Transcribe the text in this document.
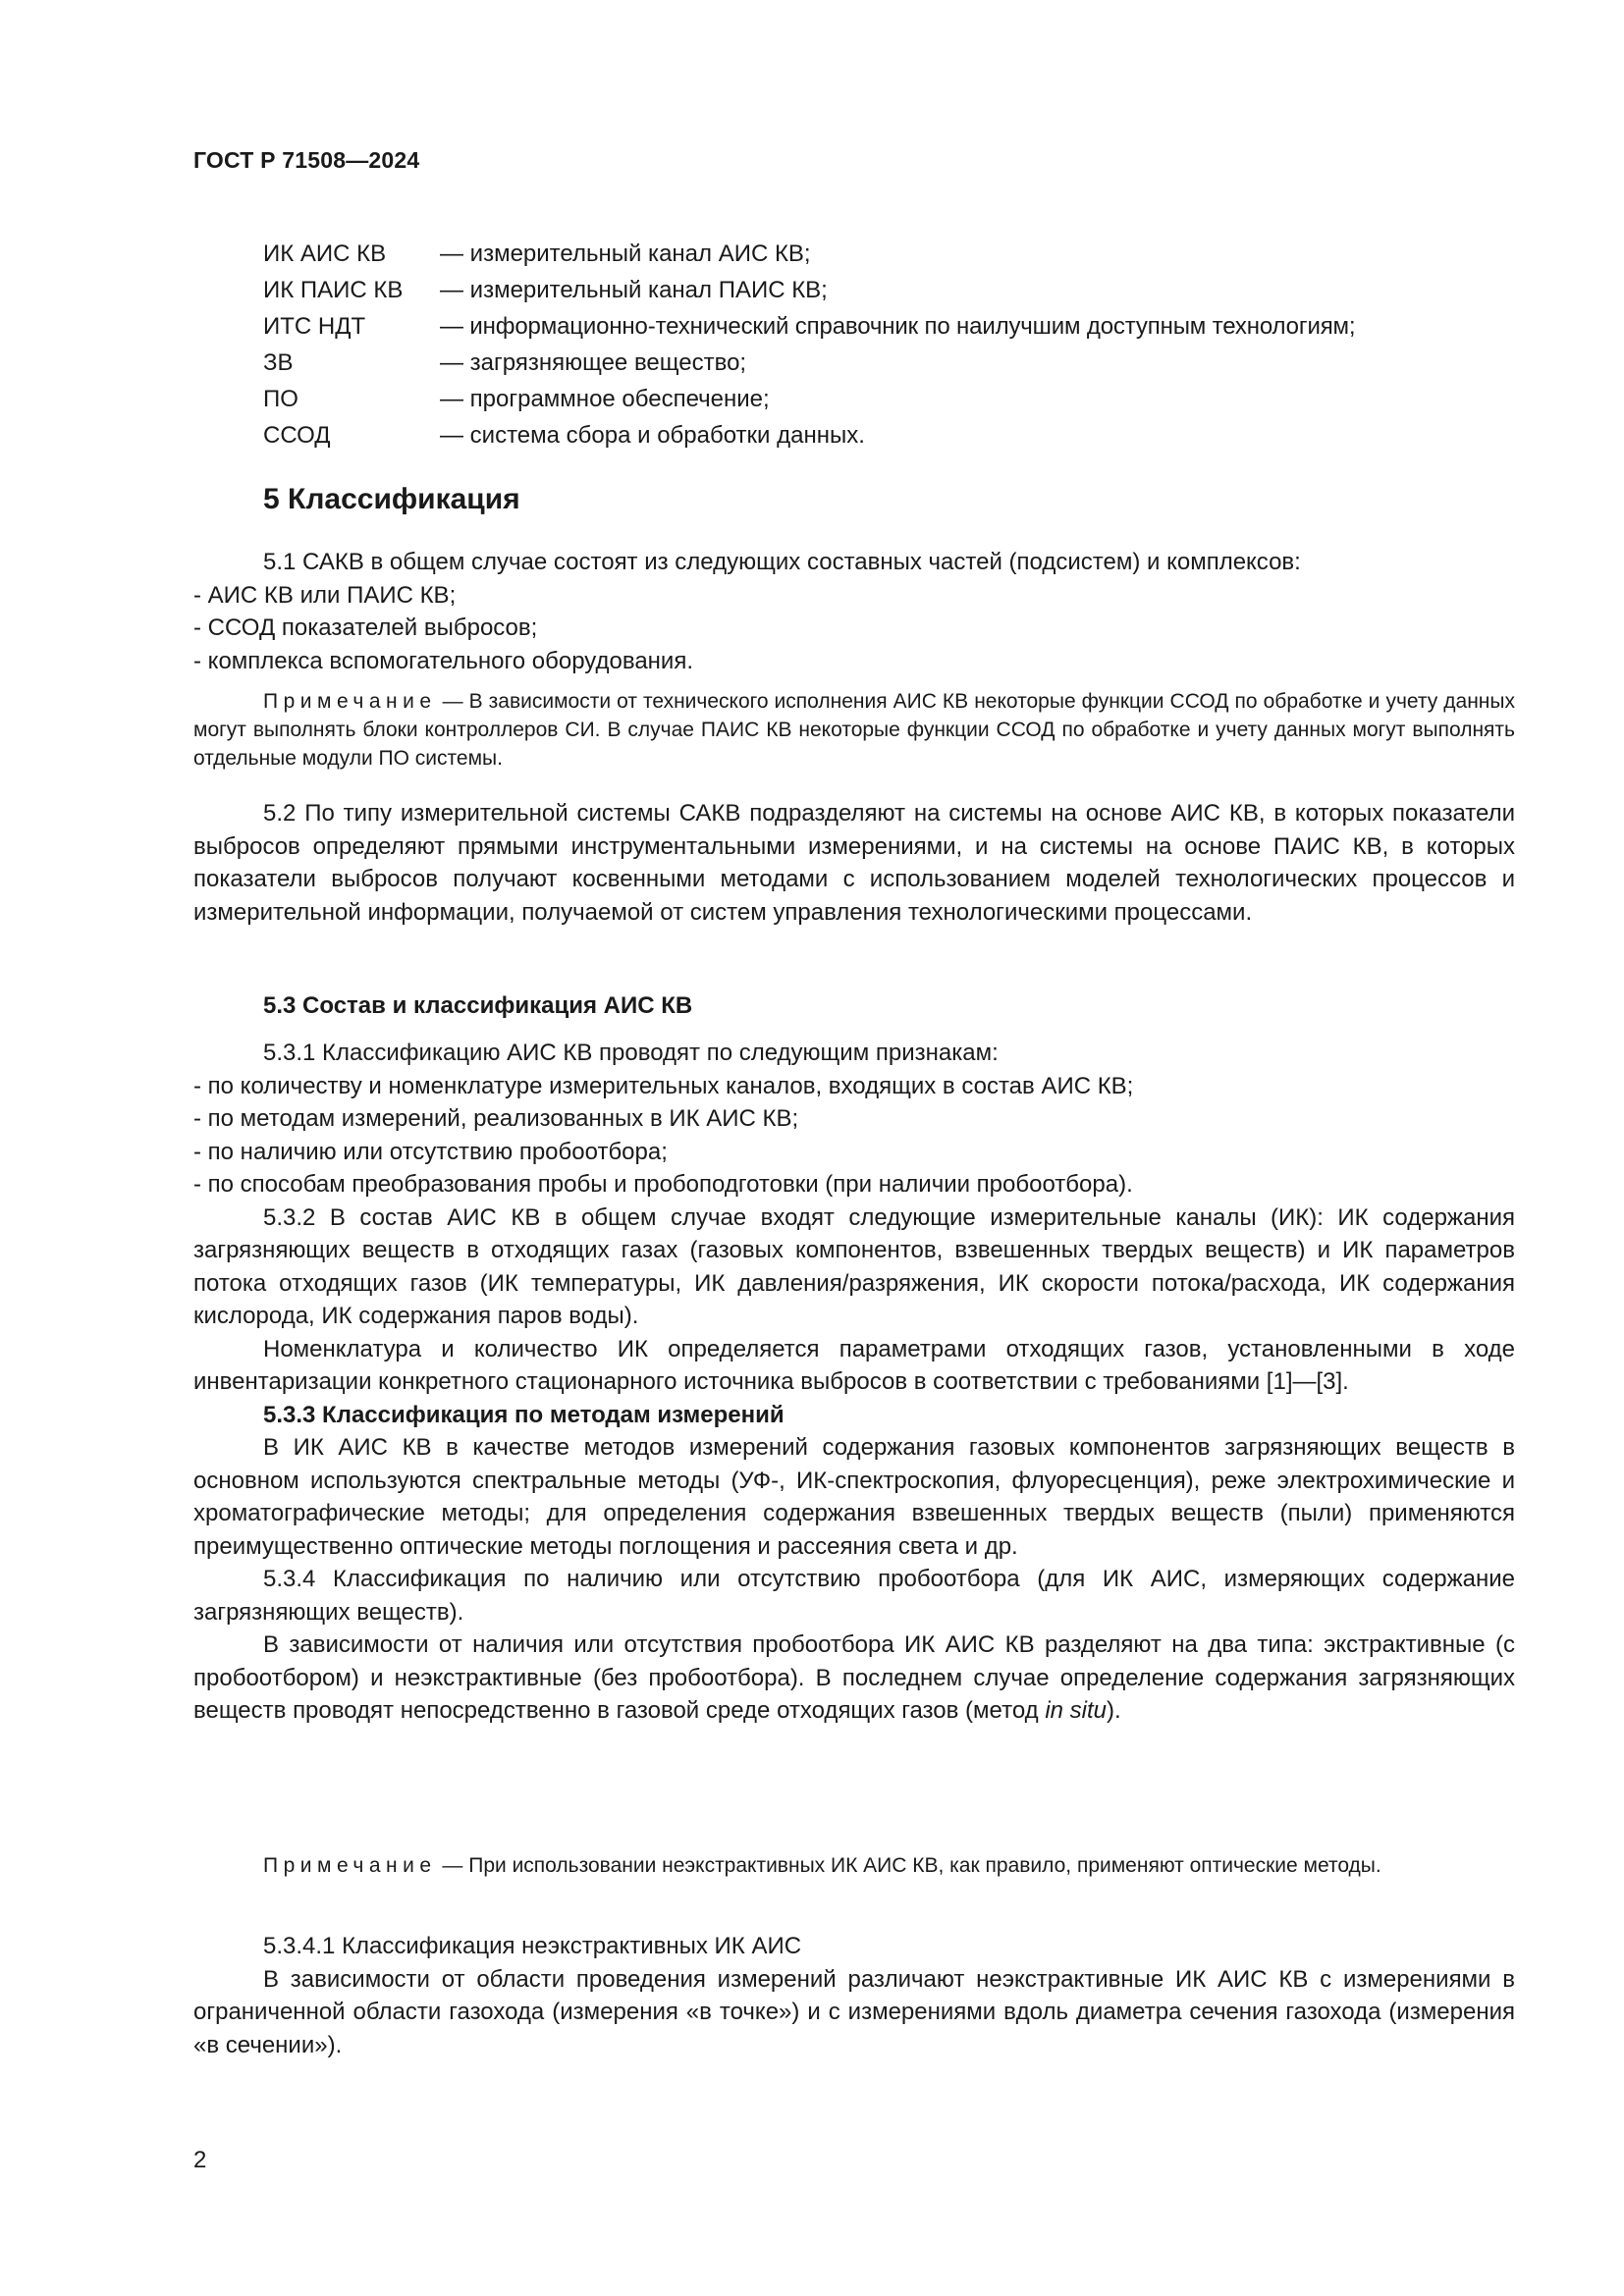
ГОСТ Р 71508—2024
ИК АИС КВ	— измерительный канал АИС КВ;
ИК ПАИС КВ	— измерительный канал ПАИС КВ;
ИТС НДТ	— информационно-технический справочник по наилучшим доступным технологиям;
ЗВ	— загрязняющее вещество;
ПО	— программное обеспечение;
ССОД	— система сбора и обработки данных.

5 Классификация

5.1 САКВ в общем случае состоят из следующих составных частей (подсистем) и комплексов:

- АИС КВ или ПАИС КВ;

- ССОД показателей выбросов;

- комплекса вспомогательного оборудования.

Примечание — В зависимости от технического исполнения АИС КВ некоторые функции ССОД по обработке и учету данных могут выполнять блоки контроллеров СИ. В случае ПАИС КВ некоторые функции ССОД по обработке и учету данных могут выполнять отдельные модули ПО системы.

5.2 По типу измерительной системы САКВ подразделяют на системы на основе АИС КВ, в которых показатели выбросов определяют прямыми инструментальными измерениями, и на системы на основе ПАИС КВ, в которых показатели выбросов получают косвенными методами с использованием моделей технологических процессов и измерительной информации, получаемой от систем управления технологическими процессами.

5.3 Состав и классификация АИС КВ

5.3.1 Классификацию АИС КВ проводят по следующим признакам:

- по количеству и номенклатуре измерительных каналов, входящих в состав АИС КВ;

- по методам измерений, реализованных в ИК АИС КВ;

- по наличию или отсутствию пробоотбора;

- по способам преобразования пробы и пробоподготовки (при наличии пробоотбора).

5.3.2 В состав АИС КВ в общем случае входят следующие измерительные каналы (ИК): ИК содержания загрязняющих веществ в отходящих газах (газовых компонентов, взвешенных твердых веществ) и ИК параметров потока отходящих газов (ИК температуры, ИК давления/разряжения, ИК скорости потока/расхода, ИК содержания кислорода, ИК содержания паров воды).

Номенклатура и количество ИК определяется параметрами отходящих газов, установленными в ходе инвентаризации конкретного стационарного источника выбросов в соответствии с требованиями [1]—[3].

5.3.3 Классификация по методам измерений

В ИК АИС КВ в качестве методов измерений содержания газовых компонентов загрязняющих веществ в основном используются спектральные методы (УФ-, ИК-спектроскопия, флуоресценция), реже электрохимические и хроматографические методы; для определения содержания взвешенных твердых веществ (пыли) применяются преимущественно оптические методы поглощения и рассеяния света и др.

5.3.4 Классификация по наличию или отсутствию пробоотбора (для ИК АИС, измеряющих содержание загрязняющих веществ).

В зависимости от наличия или отсутствия пробоотбора ИК АИС КВ разделяют на два типа: экстрактивные (с пробоотбором) и неэкстрактивные (без пробоотбора). В последнем случае определение содержания загрязняющих веществ проводят непосредственно в газовой среде отходящих газов (метод in situ).

Примечание — При использовании неэкстрактивных ИК АИС КВ, как правило, применяют оптические методы.

5.3.4.1 Классификация неэкстрактивных ИК АИС

В зависимости от области проведения измерений различают неэкстрактивные ИК АИС КВ с измерениями в ограниченной области газохода (измерения «в точке») и с измерениями вдоль диаметра сечения газохода (измерения «в сечении»).

2
